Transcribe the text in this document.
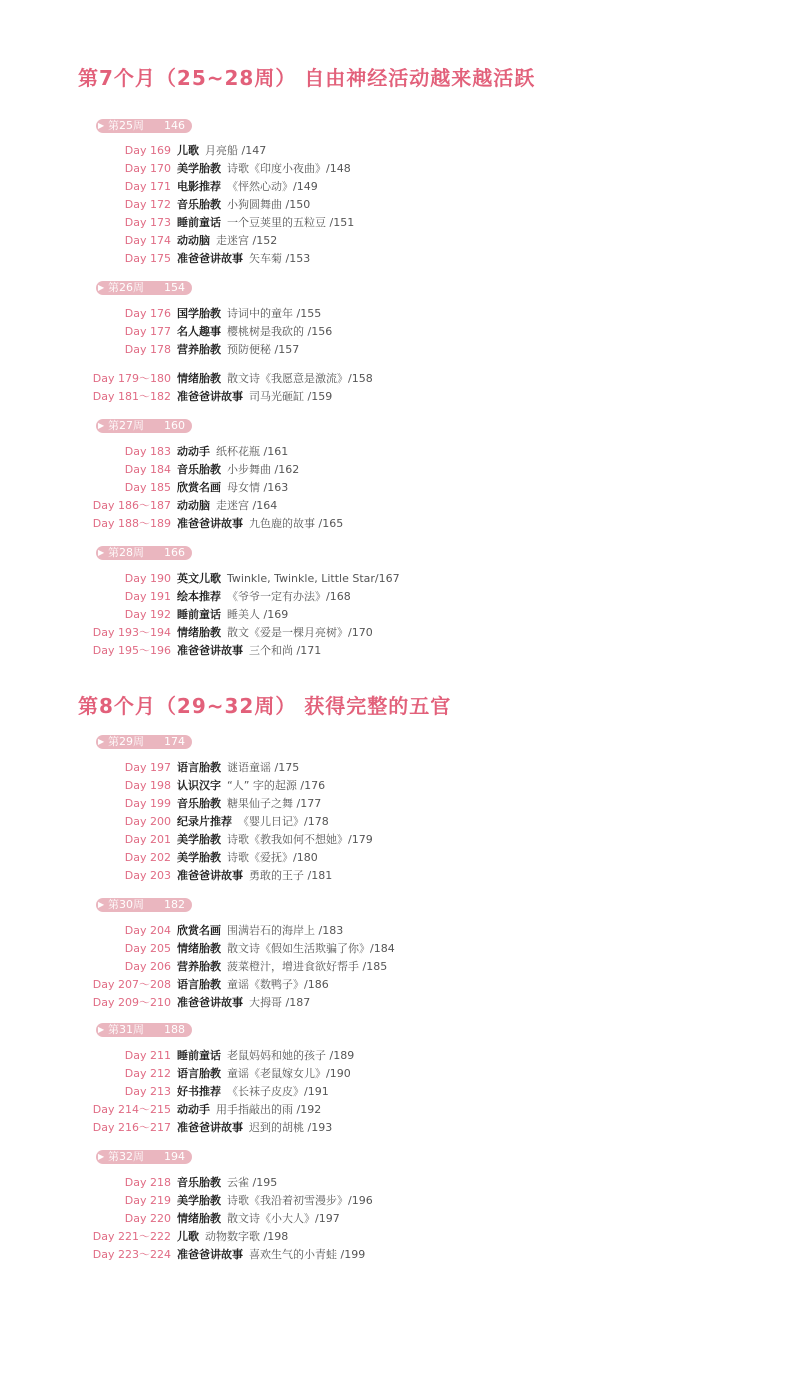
第7个月（25~28周） 自由神经活动越来越活跃
▶ 第25周 146
Day 169 儿歌 月亮船 /147
Day 170 美学胎教 诗歌《印度小夜曲》/148
Day 171 电影推荐 《怦然心动》/149
Day 172 音乐胎教 小狗圆舞曲 /150
Day 173 睡前童话 一个豆荚里的五粒豆 /151
Day 174 动动脑 走迷宫 /152
Day 175 准爸爸讲故事 矢车菊 /153
▶ 第26周 154
Day 176 国学胎教 诗词中的童年 /155
Day 177 名人趣事 樱桃树是我砍的 /156
Day 178 营养胎教 预防便秘 /157
Day 179～180 情绪胎教 散文诗《我愿意是激流》/158
Day 181～182 准爸爸讲故事 司马光砸缸 /159
▶ 第27周 160
Day 183 动动手 纸杯花瓶 /161
Day 184 音乐胎教 小步舞曲 /162
Day 185 欣赏名画 母女情 /163
Day 186～187 动动脑 走迷宫 /164
Day 188～189 准爸爸讲故事 九色鹿的故事 /165
▶ 第28周 166
Day 190 英文儿歌 Twinkle, Twinkle, Little Star/167
Day 191 绘本推荐 《爷爷一定有办法》/168
Day 192 睡前童话 睡美人 /169
Day 193～194 情绪胎教 散文《爱是一棵月亮树》/170
Day 195～196 准爸爸讲故事 三个和尚 /171
第8个月（29~32周） 获得完整的五官
▶ 第29周 174
Day 197 语言胎教 谜语童谣 /175
Day 198 认识汉字 “人” 字的起源 /176
Day 199 音乐胎教 糖果仙子之舞 /177
Day 200 纪录片推荐 《婴儿日记》/178
Day 201 美学胎教 诗歌《教我如何不想她》/179
Day 202 美学胎教 诗歌《爱抚》/180
Day 203 准爸爸讲故事 勇敢的王子 /181
▶ 第30周 182
Day 204 欣赏名画 围满岩石的海岸上 /183
Day 205 情绪胎教 散文诗《假如生活欺骗了你》/184
Day 206 营养胎教 菠菜橙汁，增进食欲好帮手 /185
Day 207～208 语言胎教 童谣《数鸭子》/186
Day 209～210 准爸爸讲故事 大拇哥 /187
▶ 第31周 188
Day 211 睡前童话 老鼠妈妈和她的孩子 /189
Day 212 语言胎教 童谣《老鼠嫁女儿》/190
Day 213 好书推荐 《长袜子皮皮》/191
Day 214～215 动动手 用手指敲出的雨 /192
Day 216～217 准爸爸讲故事 迟到的胡桃 /193
▶ 第32周 194
Day 218 音乐胎教 云雀 /195
Day 219 美学胎教 诗歌《我沿着初雪漫步》/196
Day 220 情绪胎教 散文诗《小大人》/197
Day 221～222 儿歌 动物数字歌 /198
Day 223～224 准爸爸讲故事 喜欢生气的小青蛙 /199
